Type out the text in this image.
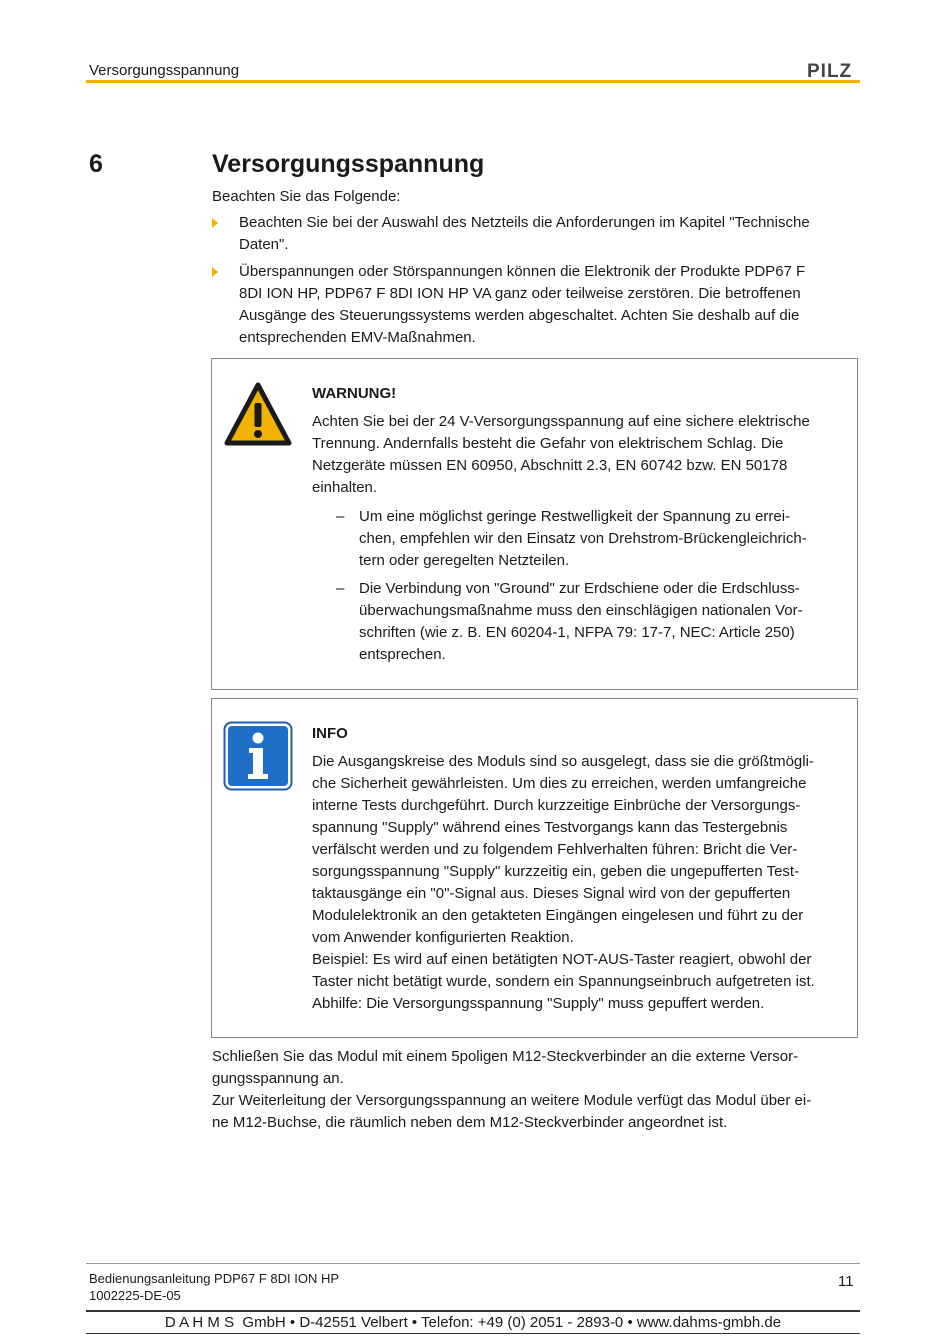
Versorgungsspannung	PILZ
6	Versorgungsspannung
Beachten Sie das Folgende:
Beachten Sie bei der Auswahl des Netzteils die Anforderungen im Kapitel "Technische
Daten".
Überspannungen oder Störspannungen können die Elektronik der Produkte PDP67 F
8DI ION HP, PDP67 F 8DI ION HP VA ganz oder teilweise zerstören. Die betroffenen
Ausgänge des Steuerungssystems werden abgeschaltet. Achten Sie deshalb auf die
entsprechenden EMV-Maßnahmen.
WARNUNG!
Achten Sie bei der 24 V-Versorgungsspannung auf eine sichere elektrische
Trennung. Andernfalls besteht die Gefahr von elektrischem Schlag. Die
Netzgeräte müssen EN 60950, Abschnitt 2.3, EN 60742 bzw. EN 50178
einhalten.
– Um eine möglichst geringe Restwelligkeit der Spannung zu errei-
chen, empfehlen wir den Einsatz von Drehstrom-Brückengleichrich-
tern oder geregelten Netzteilen.
– Die Verbindung von "Ground" zur Erdschiene oder die Erdschluss-
überwachungsmaßnahme muss den einschlägigen nationalen Vor-
schriften (wie z. B. EN 60204-1, NFPA 79: 17-7, NEC: Article 250)
entsprechen.
INFO
Die Ausgangskreise des Moduls sind so ausgelegt, dass sie die größtmögli-
che Sicherheit gewährleisten. Um dies zu erreichen, werden umfangreiche
interne Tests durchgeführt. Durch kurzzeitige Einbrüche der Versorgungs-
spannung "Supply" während eines Testvorgangs kann das Testergebnis
verfälscht werden und zu folgendem Fehlverhalten führen: Bricht die Ver-
sorgungsspannung "Supply" kurzzeitig ein, geben die ungepufferten Test-
taktausgänge ein "0"-Signal aus. Dieses Signal wird von der gepufferten
Modulelektronik an den getakteten Eingängen eingelesen und führt zu der
vom Anwender konfigurierten Reaktion.
Beispiel: Es wird auf einen betätigten NOT-AUS-Taster reagiert, obwohl der
Taster nicht betätigt wurde, sondern ein Spannungseinbruch aufgetreten ist.
Abhilfe: Die Versorgungsspannung "Supply" muss gepuffert werden.
Schließen Sie das Modul mit einem 5poligen M12-Steckverbinder an die externe Versor-
gungsspannung an.
Zur Weiterleitung der Versorgungsspannung an weitere Module verfügt das Modul über ei-
ne M12-Buchse, die räumlich neben dem M12-Steckverbinder angeordnet ist.
Bedienungsanleitung PDP67 F 8DI ION HP
1002225-DE-05
11
D A H M S  GmbH • D-42551 Velbert • Telefon: +49 (0) 2051 - 2893-0 • www.dahms-gmbh.de
